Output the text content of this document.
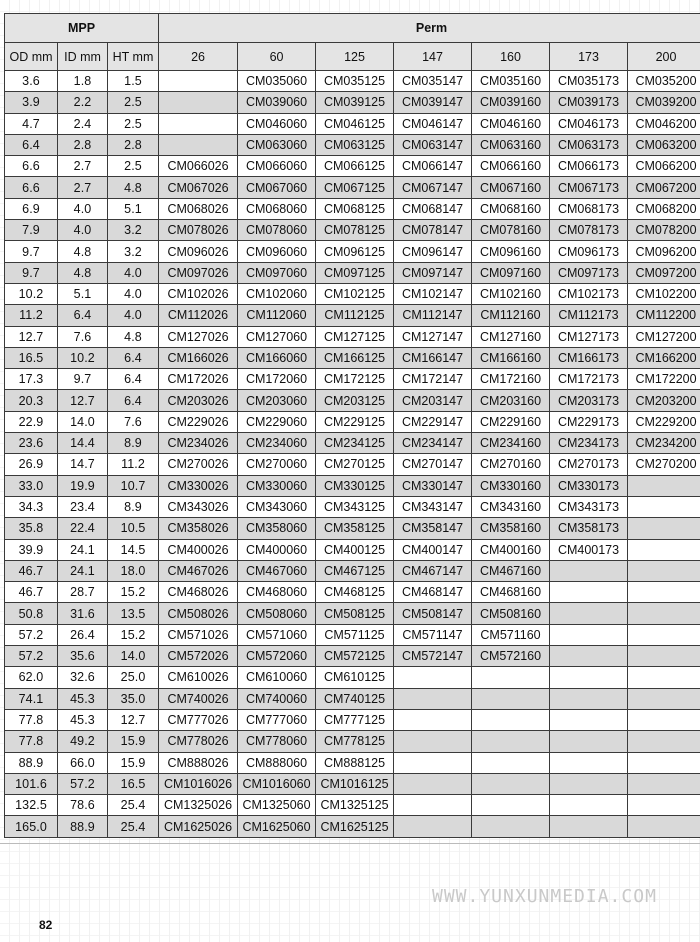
MPP			Perm						
OD mm	ID mm	HT mm	26	60	125	147	160	173	200
3.6	1.8	1.5		CM035060	CM035125	CM035147	CM035160	CM035173	CM035200
3.9	2.2	2.5		CM039060	CM039125	CM039147	CM039160	CM039173	CM039200
4.7	2.4	2.5		CM046060	CM046125	CM046147	CM046160	CM046173	CM046200
6.4	2.8	2.8		CM063060	CM063125	CM063147	CM063160	CM063173	CM063200
6.6	2.7	2.5	CM066026	CM066060	CM066125	CM066147	CM066160	CM066173	CM066200
6.6	2.7	4.8	CM067026	CM067060	CM067125	CM067147	CM067160	CM067173	CM067200
6.9	4.0	5.1	CM068026	CM068060	CM068125	CM068147	CM068160	CM068173	CM068200
7.9	4.0	3.2	CM078026	CM078060	CM078125	CM078147	CM078160	CM078173	CM078200
9.7	4.8	3.2	CM096026	CM096060	CM096125	CM096147	CM096160	CM096173	CM096200
9.7	4.8	4.0	CM097026	CM097060	CM097125	CM097147	CM097160	CM097173	CM097200
10.2	5.1	4.0	CM102026	CM102060	CM102125	CM102147	CM102160	CM102173	CM102200
11.2	6.4	4.0	CM112026	CM112060	CM112125	CM112147	CM112160	CM112173	CM112200
12.7	7.6	4.8	CM127026	CM127060	CM127125	CM127147	CM127160	CM127173	CM127200
16.5	10.2	6.4	CM166026	CM166060	CM166125	CM166147	CM166160	CM166173	CM166200
17.3	9.7	6.4	CM172026	CM172060	CM172125	CM172147	CM172160	CM172173	CM172200
20.3	12.7	6.4	CM203026	CM203060	CM203125	CM203147	CM203160	CM203173	CM203200
22.9	14.0	7.6	CM229026	CM229060	CM229125	CM229147	CM229160	CM229173	CM229200
23.6	14.4	8.9	CM234026	CM234060	CM234125	CM234147	CM234160	CM234173	CM234200
26.9	14.7	11.2	CM270026	CM270060	CM270125	CM270147	CM270160	CM270173	CM270200
33.0	19.9	10.7	CM330026	CM330060	CM330125	CM330147	CM330160	CM330173	
34.3	23.4	8.9	CM343026	CM343060	CM343125	CM343147	CM343160	CM343173	
35.8	22.4	10.5	CM358026	CM358060	CM358125	CM358147	CM358160	CM358173	
39.9	24.1	14.5	CM400026	CM400060	CM400125	CM400147	CM400160	CM400173	
46.7	24.1	18.0	CM467026	CM467060	CM467125	CM467147	CM467160		
46.7	28.7	15.2	CM468026	CM468060	CM468125	CM468147	CM468160		
50.8	31.6	13.5	CM508026	CM508060	CM508125	CM508147	CM508160		
57.2	26.4	15.2	CM571026	CM571060	CM571125	CM571147	CM571160		
57.2	35.6	14.0	CM572026	CM572060	CM572125	CM572147	CM572160		
62.0	32.6	25.0	CM610026	CM610060	CM610125				
74.1	45.3	35.0	CM740026	CM740060	CM740125				
77.8	45.3	12.7	CM777026	CM777060	CM777125				
77.8	49.2	15.9	CM778026	CM778060	CM778125				
88.9	66.0	15.9	CM888026	CM888060	CM888125				
101.6	57.2	16.5	CM1016026	CM1016060	CM1016125				
132.5	78.6	25.4	CM1325026	CM1325060	CM1325125				
165.0	88.9	25.4	CM1625026	CM1625060	CM1625125				
WWW.YUNXUNMEDIA.COM
82
